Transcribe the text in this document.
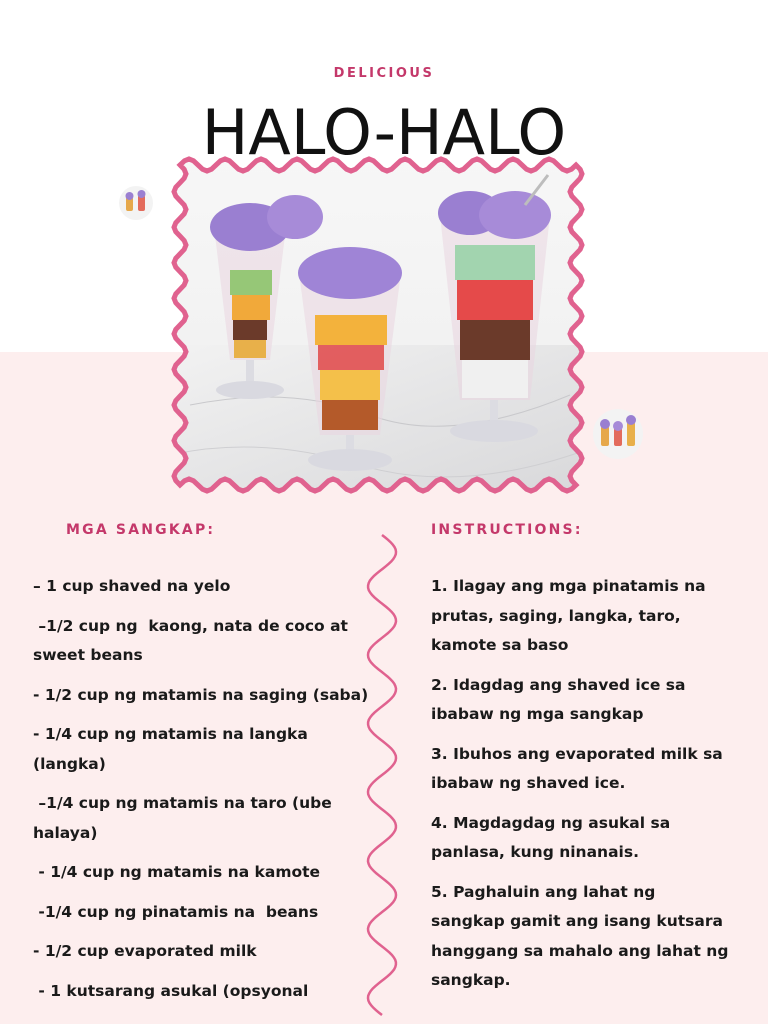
DELICIOUS
HALO-HALO
MGA SANGKAP:	INSTRUCTIONS:

– 1 cup shaved na yelo

–1/2 cup ng  kaong, nata de coco at sweet beans

- 1/2 cup ng matamis na saging (saba)

- 1/4 cup ng matamis na langka (langka)

–1/4 cup ng matamis na taro (ube halaya)

- 1/4 cup ng matamis na kamote

-1/4 cup ng pinatamis na  beans

- 1/2 cup evaporated milk

- 1 kutsarang asukal (opsyonal

1. Ilagay ang mga pinatamis na prutas, saging, langka, taro, kamote sa baso

2. Idagdag ang shaved ice sa ibabaw ng mga sangkap

3. Ibuhos ang evaporated milk sa ibabaw ng shaved ice.

4. Magdagdag ng asukal sa panlasa, kung ninanais.

5. Paghaluin ang lahat ng sangkap gamit ang isang kutsara hanggang sa mahalo ang lahat ng sangkap.
